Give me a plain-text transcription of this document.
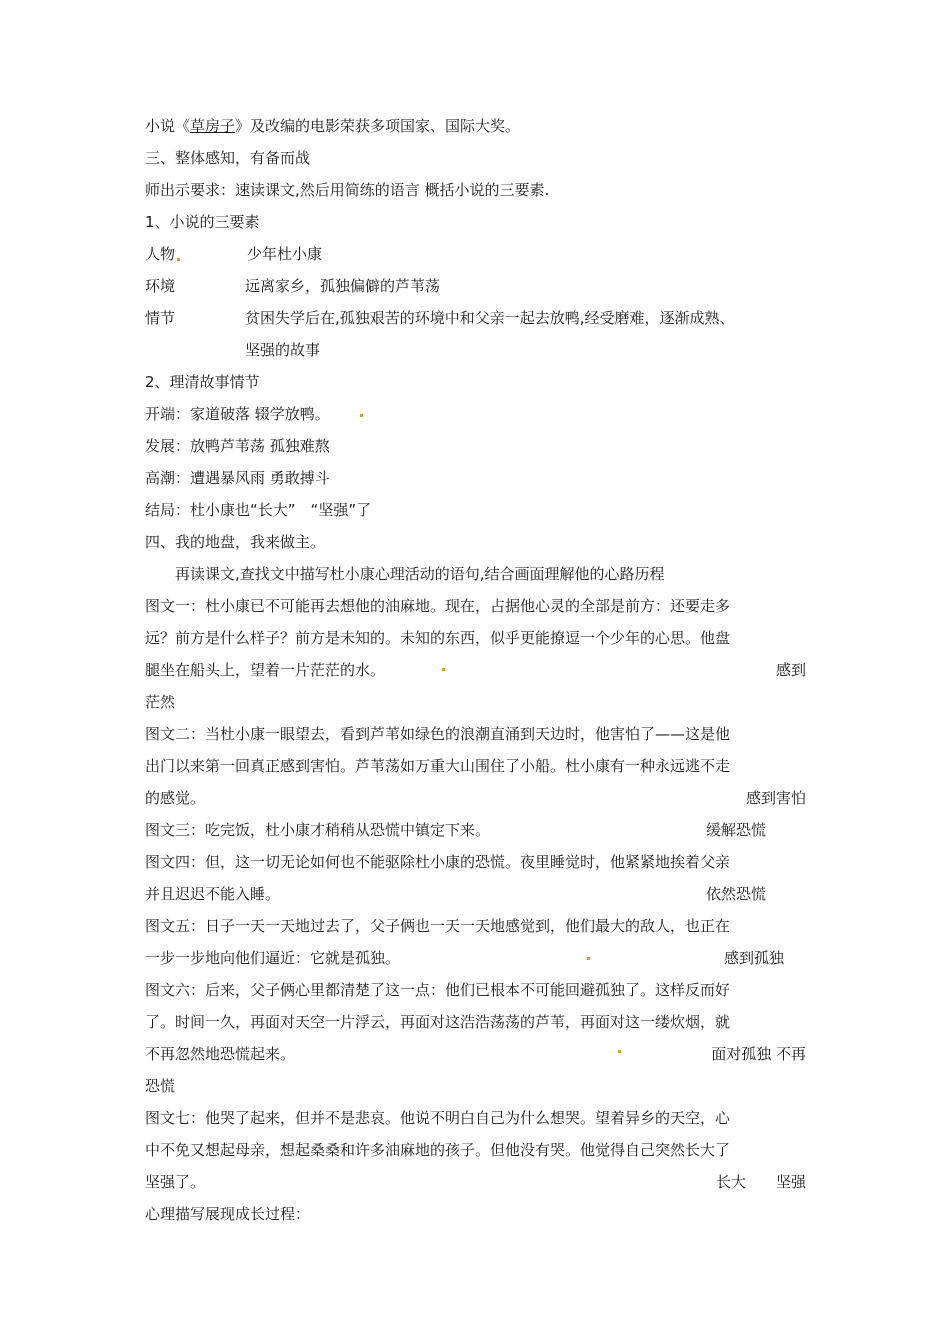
小说《草房子》及改编的电影荣获多项国家、国际大奖。
三、整体感知，有备而战
师出示要求：速读课文,然后用简练的语言 概括小说的三要素.
1、小说的三要素
人物	少年杜小康
环境	远离家乡，孤独偏僻的芦苇荡
情节	贫困失学后在,孤独艰苦的环境中和父亲一起去放鸭,经受磨难，逐渐成熟、
坚强的故事
2、理清故事情节
开端：家道破落 辍学放鸭。
发展：放鸭芦苇荡 孤独难熬
高潮：遭遇暴风雨 勇敢搏斗
结局：杜小康也“长大”　“坚强”了
四、我的地盘，我来做主。
再读课文,查找文中描写杜小康心理活动的语句,结合画面理解他的心路历程
图文一：杜小康已不可能再去想他的油麻地。现在，占据他心灵的全部是前方：还要走多
远？前方是什么样子？前方是未知的。未知的东西，似乎更能撩逗一个少年的心思。他盘
腿坐在船头上，望着一片茫茫的水。	感到
茫然
图文二：当杜小康一眼望去，看到芦苇如绿色的浪潮直涌到天边时，他害怕了——这是他
出门以来第一回真正感到害怕。芦苇荡如万重大山围住了小船。杜小康有一种永远逃不走
的感觉。	感到害怕
图文三：吃完饭，杜小康才稍稍从恐慌中镇定下来。	缓解恐慌
图文四：但，这一切无论如何也不能驱除杜小康的恐慌。夜里睡觉时，他紧紧地挨着父亲
并且迟迟不能入睡。	依然恐慌
图文五：日子一天一天地过去了，父子俩也一天一天地感觉到，他们最大的敌人，也正在
一步一步地向他们逼近：它就是孤独。	感到孤独
图文六：后来，父子俩心里都清楚了这一点：他们已根本不可能回避孤独了。这样反而好
了。时间一久，再面对天空一片浮云，再面对这浩浩荡荡的芦苇，再面对这一缕炊烟，就
不再忽然地恐慌起来。	面对孤独 不再
恐慌
图文七：他哭了起来，但并不是悲哀。他说不明白自己为什么想哭。望着异乡的天空，心
中不免又想起母亲，想起桑桑和许多油麻地的孩子。但他没有哭。他觉得自己突然长大了
坚强了。	长大　　坚强
心理描写展现成长过程：
